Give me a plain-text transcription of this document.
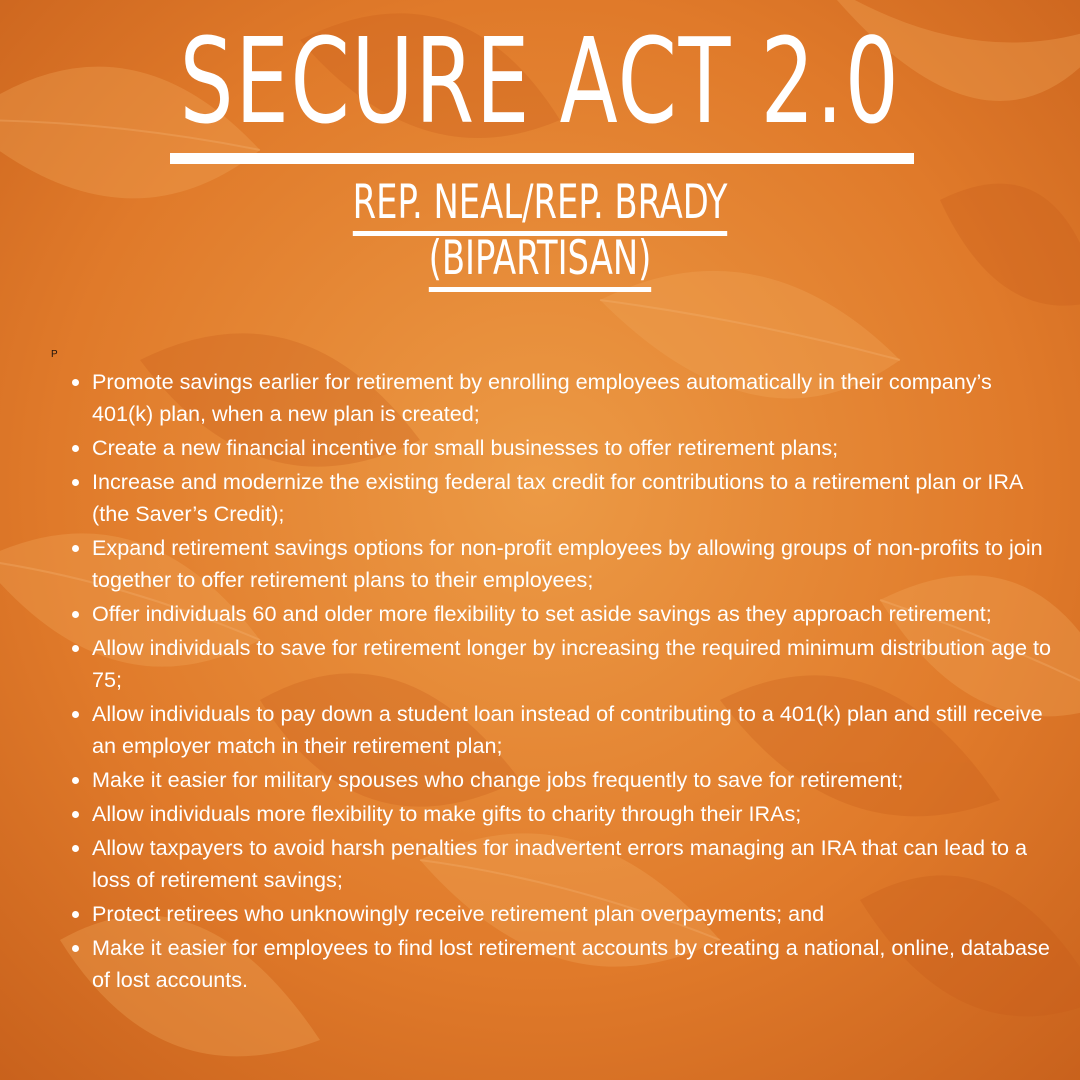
SECURE ACT 2.0
REP. NEAL/REP. BRADY
(BIPARTISAN)
P
Promote savings earlier for retirement by enrolling employees automatically in their company’s 401(k) plan, when a new plan is created;
Create a new financial incentive for small businesses to offer retirement plans;
Increase and modernize the existing federal tax credit for contributions to a retirement plan or IRA (the Saver’s Credit);
Expand retirement savings options for non-profit employees by allowing groups of non-profits to join together to offer retirement plans to their employees;
Offer individuals 60 and older more flexibility to set aside savings as they approach retirement;
Allow individuals to save for retirement longer by increasing the required minimum distribution age to 75;
Allow individuals to pay down a student loan instead of contributing to a 401(k) plan and still receive an employer match in their retirement plan;
Make it easier for military spouses who change jobs frequently to save for retirement;
Allow individuals more flexibility to make gifts to charity through their IRAs;
Allow taxpayers to avoid harsh penalties for inadvertent errors managing an IRA that can lead to a loss of retirement savings;
Protect retirees who unknowingly receive retirement plan overpayments; and
Make it easier for employees to find lost retirement accounts by creating a national, online, database of lost accounts.
